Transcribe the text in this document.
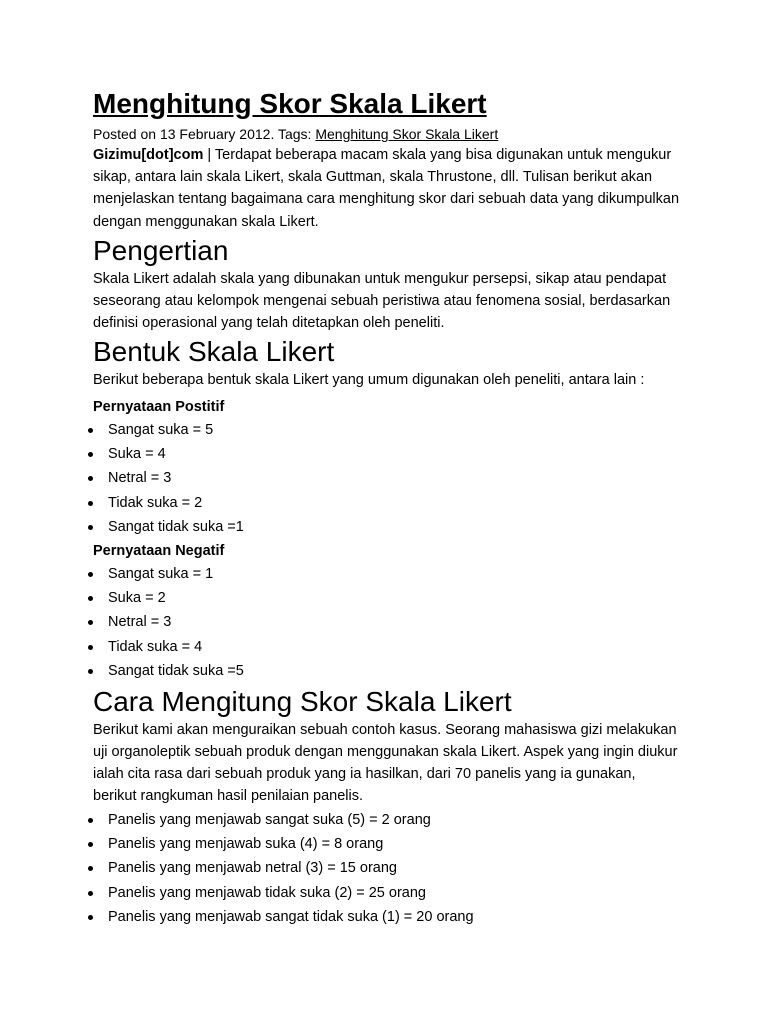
Menghitung Skor Skala Likert
Posted on 13 February 2012. Tags: Menghitung Skor Skala Likert

Gizimu[dot]com | Terdapat beberapa macam skala yang bisa digunakan untuk mengukur sikap, antara lain skala Likert, skala Guttman, skala Thrustone, dll. Tulisan berikut akan menjelaskan tentang bagaimana cara menghitung skor dari sebuah data yang dikumpulkan dengan menggunakan skala Likert.

Pengertian

Skala Likert adalah skala yang dibunakan untuk mengukur persepsi, sikap atau pendapat seseorang atau kelompok mengenai sebuah peristiwa atau fenomena sosial, berdasarkan definisi operasional yang telah ditetapkan oleh peneliti.

Bentuk Skala Likert

Berikut beberapa bentuk skala Likert yang umum digunakan oleh peneliti, antara lain :

Pernyataan Postitif
Sangat suka = 5
Suka = 4
Netral = 3
Tidak suka = 2
Sangat tidak suka =1
Pernyataan Negatif
Sangat suka = 1
Suka = 2
Netral = 3
Tidak suka = 4
Sangat tidak suka =5
Cara Mengitung Skor Skala Likert

Berikut kami akan menguraikan sebuah contoh kasus. Seorang mahasiswa gizi melakukan uji organoleptik sebuah produk dengan menggunakan skala Likert. Aspek yang ingin diukur ialah cita rasa dari sebuah produk yang ia hasilkan, dari 70 panelis yang ia gunakan, berikut rangkuman hasil penilaian panelis.

Panelis yang menjawab sangat suka (5) = 2 orang
Panelis yang menjawab suka (4) = 8 orang
Panelis yang menjawab netral (3) = 15 orang
Panelis yang menjawab tidak suka (2) = 25 orang
Panelis yang menjawab sangat tidak suka (1) = 20 orang
